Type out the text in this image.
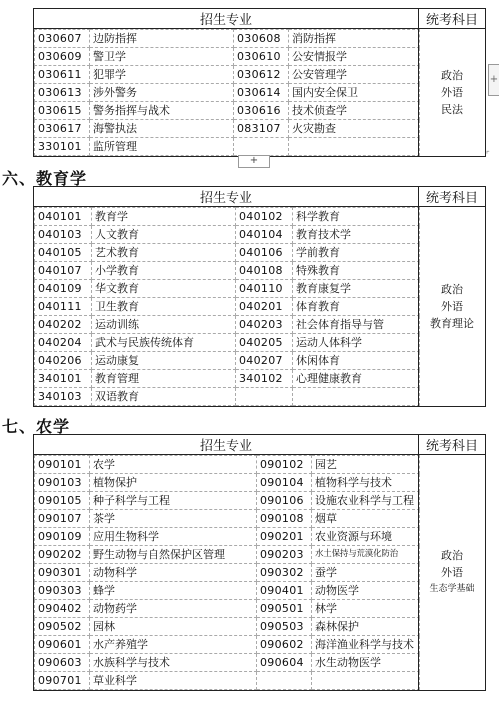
+
⌜
招生专业	统考科目

030607	边防指挥	030608	消防指挥
030609	警卫学	030610	公安情报学
030611	犯罪学	030612	公安管理学
030613	涉外警务	030614	国内安全保卫
030615	警务指挥与战术	030616	技术侦查学
030617	海警执法	083107	火灾勘查
330101	监所管理		

政治
外语
民法
+
六、教育学
招生专业	统考科目

040101	教育学	040102	科学教育
040103	人文教育	040104	教育技术学
040105	艺术教育	040106	学前教育
040107	小学教育	040108	特殊教育
040109	华文教育	040110	教育康复学
040111	卫生教育	040201	体育教育
040202	运动训练	040203	社会体育指导与管
040204	武术与民族传统体育	040205	运动人体科学
040206	运动康复	040207	休闲体育
340101	教育管理	340102	心理健康教育
340103	双语教育		

政治
外语
教育理论
七、农学
招生专业	统考科目

090101	农学	090102	园艺
090103	植物保护	090104	植物科学与技术
090105	种子科学与工程	090106	设施农业科学与工程
090107	茶学	090108	烟草
090109	应用生物科学	090201	农业资源与环境
090202	野生动物与自然保护区管理	090203	水土保持与荒漠化防治
090301	动物科学	090302	蚕学
090303	蜂学	090401	动物医学
090402	动物药学	090501	林学
090502	园林	090503	森林保护
090601	水产养殖学	090602	海洋渔业科学与技术
090603	水族科学与技术	090604	水生动物医学
090701	草业科学		

政治
外语
生态学基础
